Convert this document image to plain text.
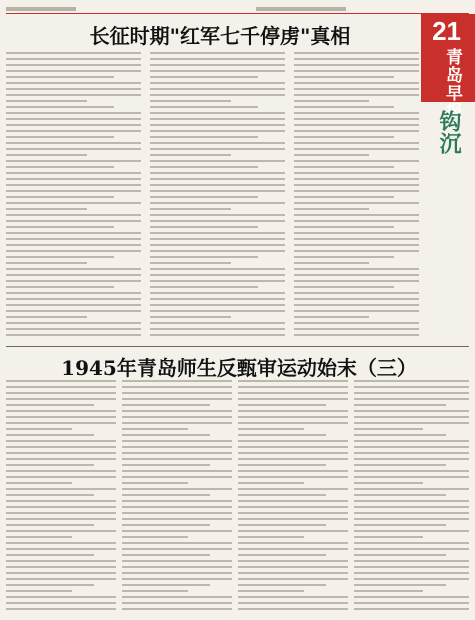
21
青岛早报
钩沉
长征时期"红军七千停虏"真相
1945年青岛师生反甄审运动始末（三）
